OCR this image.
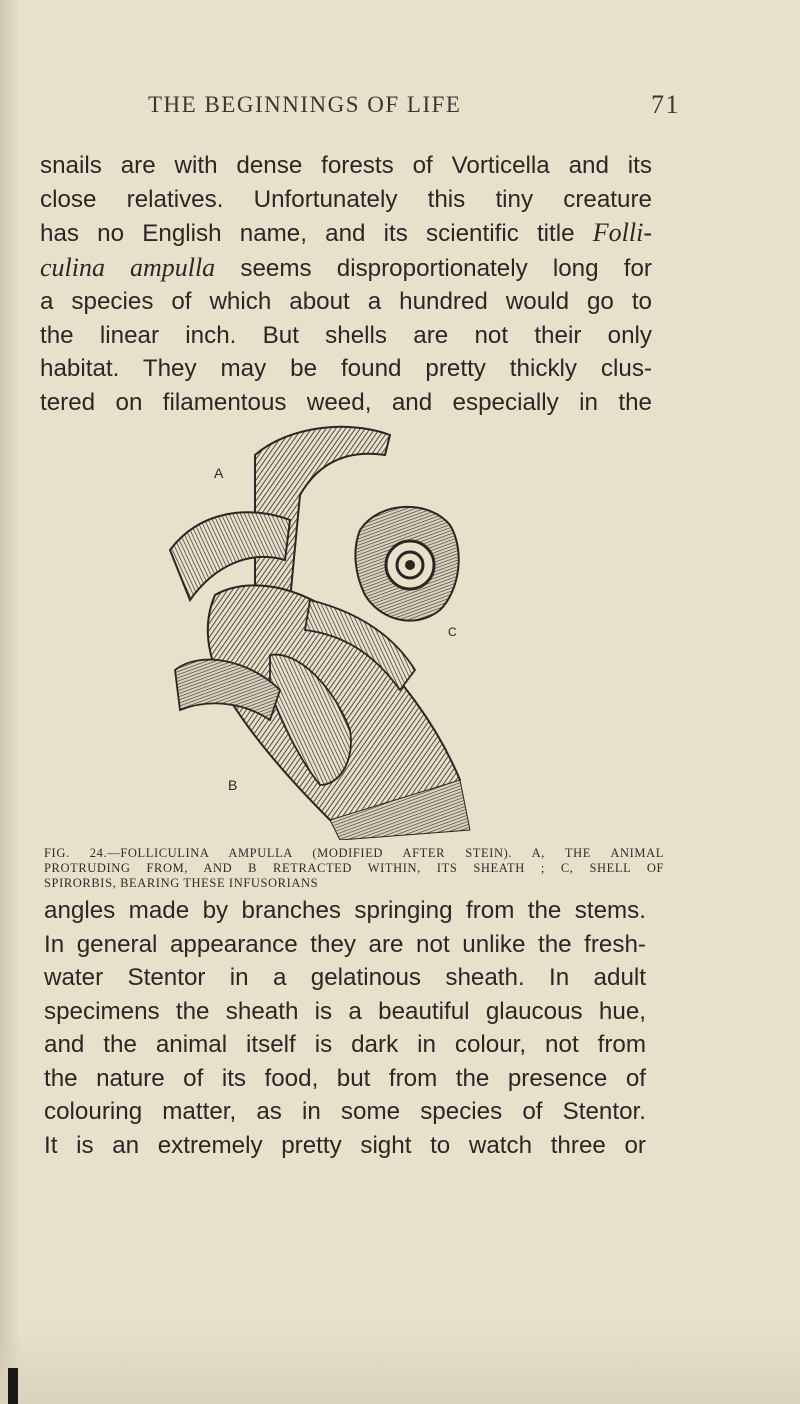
THE BEGINNINGS OF LIFE	71
snails are with dense forests of Vorticella and its
close relatives. Unfortunately this tiny creature
has no English name, and its scientific title Folli-
culina ampulla seems disproportionately long for
a species of which about a hundred would go to
the linear inch. But shells are not their only
habitat. They may be found pretty thickly clus-
tered on filamentous weed, and especially in the
A
B
C
FIG. 24.—FOLLICULINA AMPULLA (MODIFIED AFTER STEIN). A, THE ANIMAL
PROTRUDING FROM, AND B RETRACTED WITHIN, ITS SHEATH ; C, SHELL OF
SPIRORBIS, BEARING THESE INFUSORIANS
angles made by branches springing from the stems.
In general appearance they are not unlike the fresh-
water Stentor in a gelatinous sheath. In adult
specimens the sheath is a beautiful glaucous hue,
and the animal itself is dark in colour, not from
the nature of its food, but from the presence of
colouring matter, as in some species of Stentor.
It is an extremely pretty sight to watch three or
